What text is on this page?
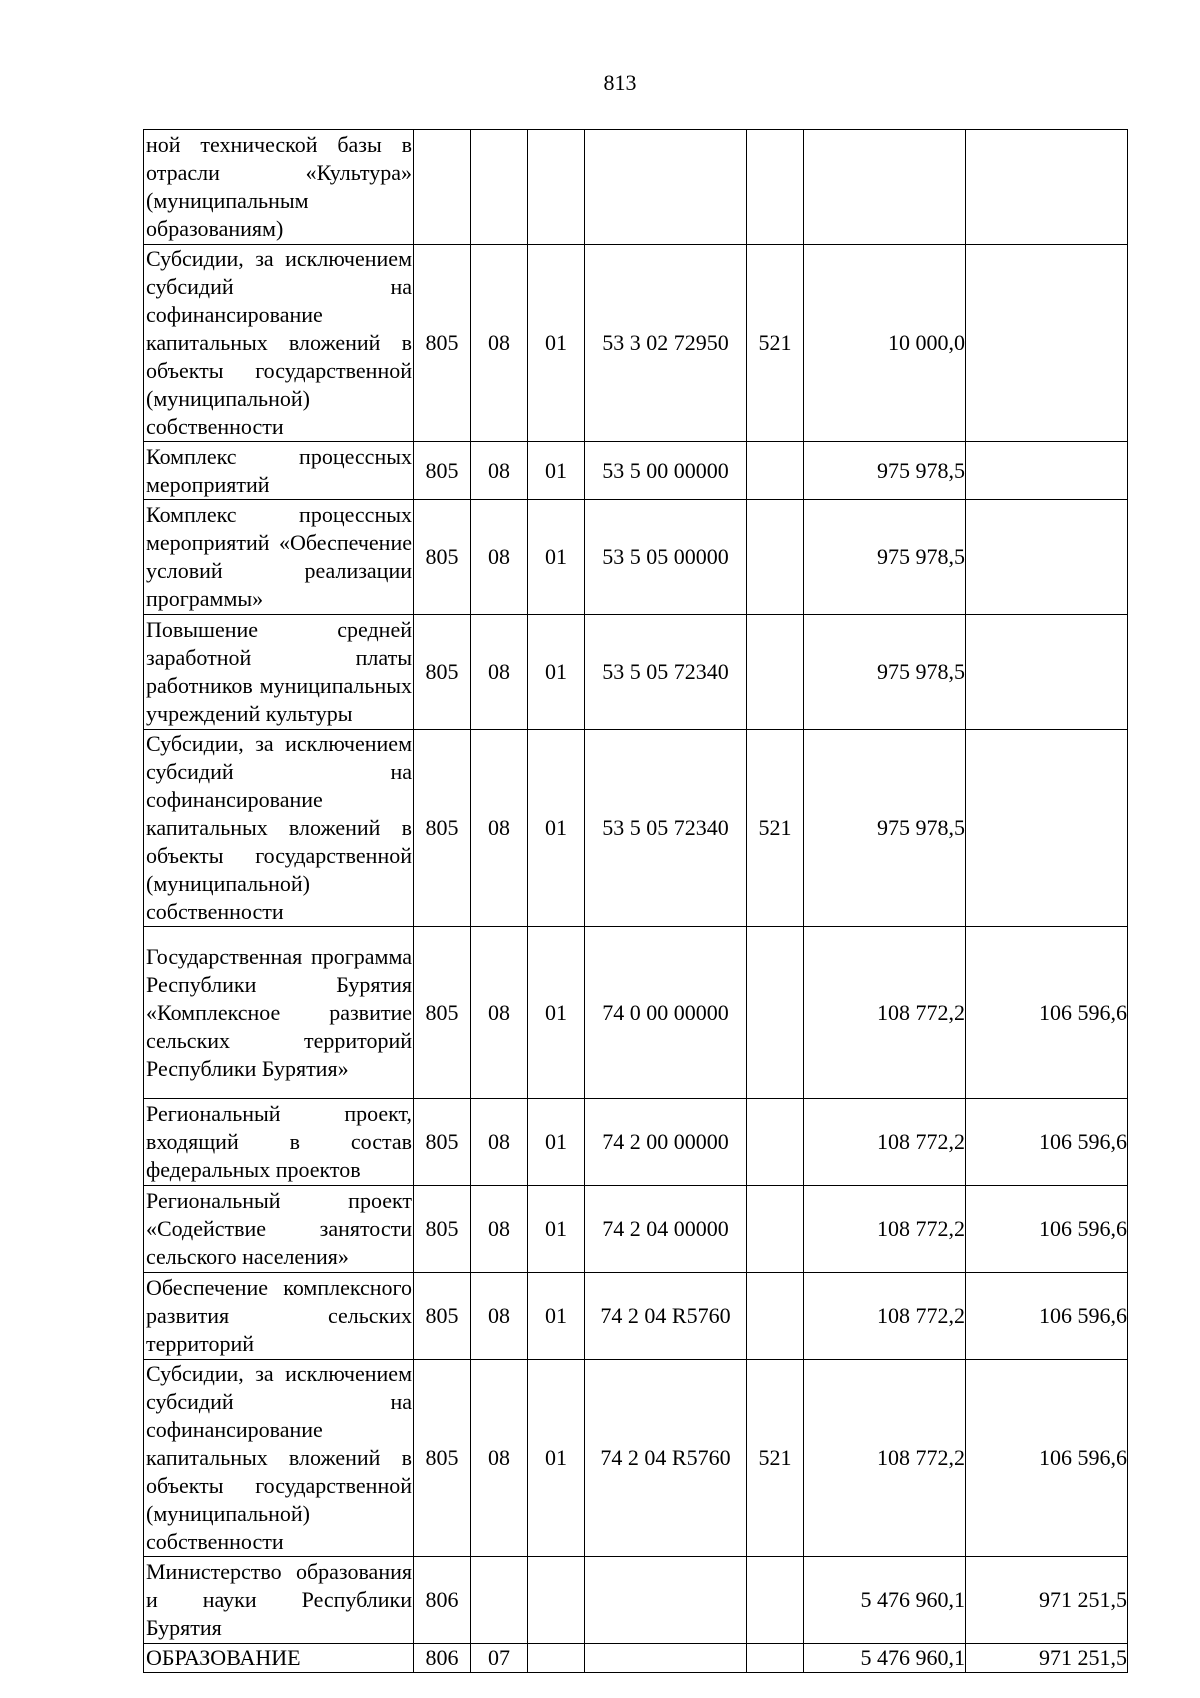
813
ной технической базы в отрасли «Культура» (муниципальным образованиям)							
Субсидии, за исключением субсидий на софинансирование капитальных вложений в объекты государственной (муниципальной) собственности	805	08	01	53 3 02 72950	521	10 000,0	
Комплекс процессных мероприятий	805	08	01	53 5 00 00000		975 978,5	
Комплекс процессных мероприятий «Обеспечение условий реализации программы»	805	08	01	53 5 05 00000		975 978,5	
Повышение средней заработной платы работников муниципальных учреждений культуры	805	08	01	53 5 05 72340		975 978,5	
Субсидии, за исключением субсидий на софинансирование капитальных вложений в объекты государственной (муниципальной) собственности	805	08	01	53 5 05 72340	521	975 978,5	
Государственная программа Республики Бурятия «Комплексное развитие сельских территорий Республики Бурятия»	805	08	01	74 0 00 00000		108 772,2	106 596,6
Региональный проект, входящий в состав федеральных проектов	805	08	01	74 2 00 00000		108 772,2	106 596,6
Региональный проект «Содействие занятости сельского населения»	805	08	01	74 2 04 00000		108 772,2	106 596,6
Обеспечение комплексного развития сельских территорий	805	08	01	74 2 04 R5760		108 772,2	106 596,6
Субсидии, за исключением субсидий на софинансирование капитальных вложений в объекты государственной (муниципальной) собственности	805	08	01	74 2 04 R5760	521	108 772,2	106 596,6
Министерство образования и науки Республики Бурятия	806					5 476 960,1	971 251,5
ОБРАЗОВАНИЕ	806	07				5 476 960,1	971 251,5
